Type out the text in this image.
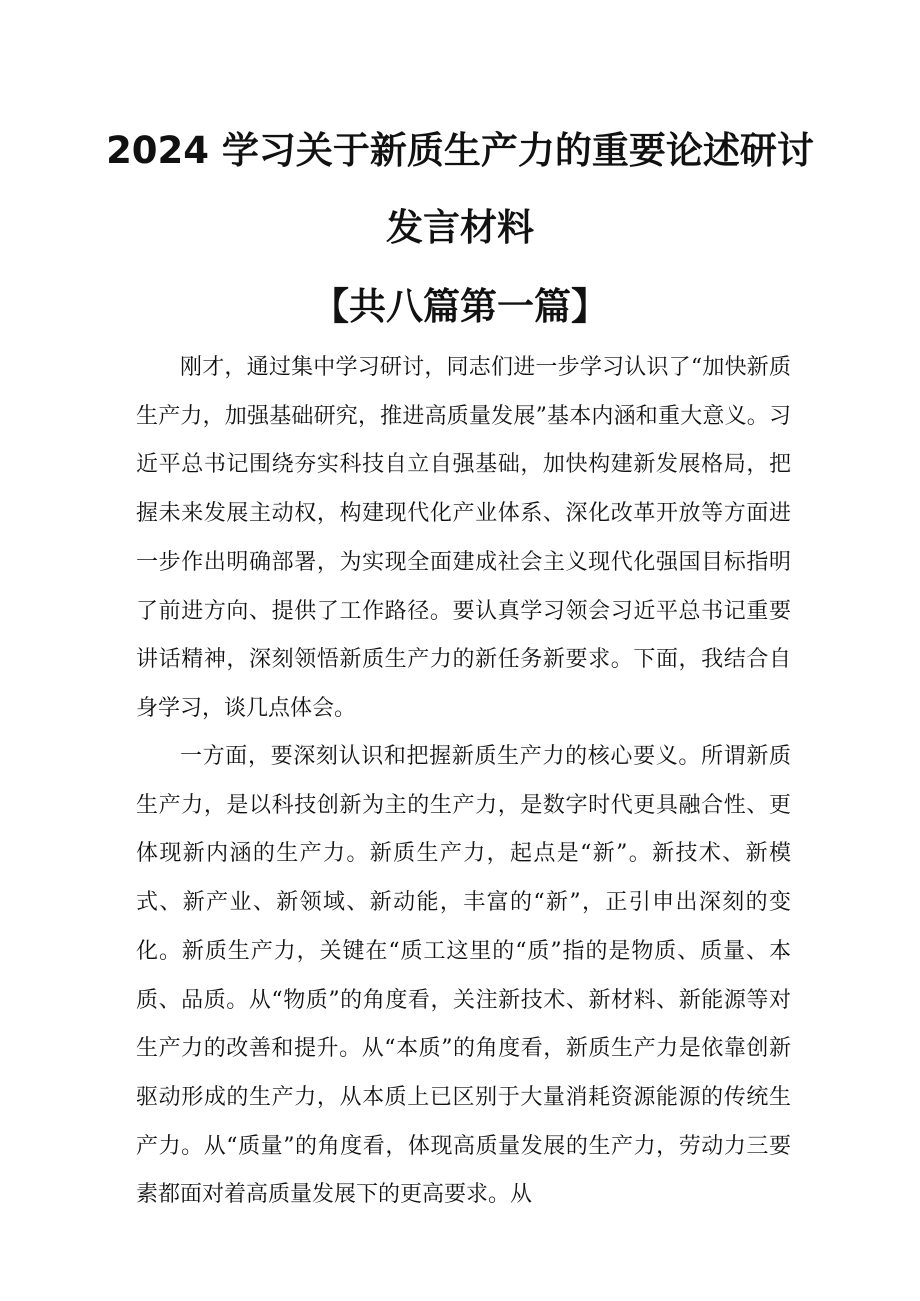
2024 学习关于新质生产力的重要论述研讨
发言材料
【共八篇第一篇】

刚才，通过集中学习研讨，同志们进一步学习认识了“加快新质生产力，加强基础研究，推进高质量发展”基本内涵和重大意义。习近平总书记围绕夯实科技自立自强基础，加快构建新发展格局，把握未来发展主动权，构建现代化产业体系、深化改革开放等方面进一步作出明确部署，为实现全面建成社会主义现代化强国目标指明了前进方向、提供了工作路径。要认真学习领会习近平总书记重要讲话精神，深刻领悟新质生产力的新任务新要求。下面，我结合自身学习，谈几点体会。

一方面，要深刻认识和把握新质生产力的核心要义。所谓新质生产力，是以科技创新为主的生产力，是数字时代更具融合性、更体现新内涵的生产力。新质生产力，起点是“新”。新技术、新模式、新产业、新领域、新动能，丰富的“新”，正引申出深刻的变化。新质生产力，关键在“质工这里的“质”指的是物质、质量、本质、品质。从“物质”的角度看，关注新技术、新材料、新能源等对生产力的改善和提升。从“本质”的角度看，新质生产力是依靠创新驱动形成的生产力，从本质上已区别于大量消耗资源能源的传统生产力。从“质量”的角度看，体现高质量发展的生产力，劳动力三要素都面对着高质量发展下的更高要求。从
